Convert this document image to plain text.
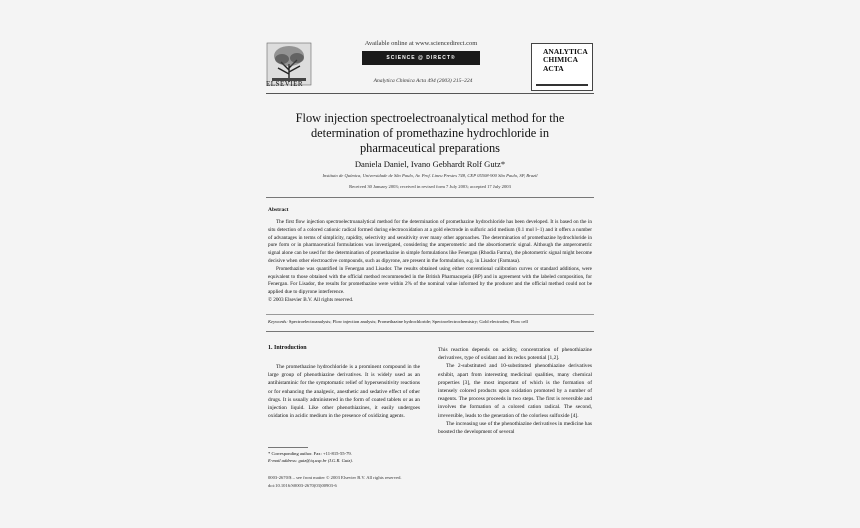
ELSEVIER
Available online at www.sciencedirect.com
SCIENCE @ DIRECT®
Analytica Chimica Acta 494 (2003) 215–224
ANALYTICA
CHIMICA
ACTA
Flow injection spectroelectroanalytical method for the
determination of promethazine hydrochloride in
pharmaceutical preparations
Daniela Daniel, Ivano Gebhardt Rolf Gutz*
Instituto de Química, Universidade de São Paulo, Av. Prof. Lineu Prestes 748, CEP 05508-900 São Paulo, SP, Brazil
Received 30 January 2003; received in revised form 7 July 2003; accepted 17 July 2003
Abstract

The first flow injection spectroelectroanalytical method for the determination of promethazine hydrochloride has been developed. It is based on the in situ detection of a colored cationic radical formed during electrooxidation at a gold electrode in sulfuric acid medium (0.1 mol l−1) and it offers a number of advantages in terms of simplicity, rapidity, selectivity and sensitivity over many other approaches. The determination of promethazine hydrochloride in pure form or in pharmaceutical formulations was investigated, considering the amperometric and the absortiometric signal. Although the amperometric signal alone can be used for the determination of promethazine in simple formulations like Fenergan (Rhodia Farma), the photometric signal might become decisive when other electroactive compounds, such as dipyrone, are present in the formulation, e.g. in Lisador (Farmasa).

Promethazine was quantified in Fenergan and Lisador. The results obtained using either conventional calibration curves or standard additions, were equivalent to those obtained with the official method recommended in the British Pharmacopeia (BP) and in agreement with the labeled composition, for Fenergan. For Lisador, the results for promethazine were within 2% of the nominal value informed by the producer and the official method could not be applied due to dipyrone interference.

© 2003 Elsevier B.V. All rights reserved.

Keywords: Spectroelectroanalysis; Flow injection analysis; Promethazine hydrochloride; Spectroelectrochemistry; Gold electrodes; Flow cell
1. Introduction

The promethazine hydrochloride is a prominent compound in the large group of phenothiazine derivatives. It is widely used as an antihistaminic for the symptomatic relief of hypersensitivity reactions or for enhancing the analgesic, anesthetic and sedative effect of other drugs. It is usually administered in the form of coated tablets or as an injection liquid. Like other phenothiazines, it easily undergoes oxidation in acidic medium in the presence of oxidizing agents.

This reaction depends on acidity, concentration of phenothiazine derivatives, type of oxidant and its redox potential [1,2].

The 2-substituted and 10-substituted phenothiazine derivatives exhibit, apart from interesting medicinal qualities, many chemical properties [3], the most important of which is the formation of intensely colored products upon oxidation promoted by a number of reagents. The process proceeds in two steps. The first is reversible and involves the formation of a colored cation radical. The second, irreversible, leads to the generation of the colorless sulfoxide [4].

The increasing use of the phenothiazine derivatives in medicine has boosted the development of several

* Corresponding author. Fax: +11-815-55-79.
E-mail address: gutz@iq.usp.br (I.G.R. Gutz).
0003-2670/$ – see front matter © 2003 Elsevier B.V. All rights reserved.
doi:10.1016/S0003-2670(03)00903-6
